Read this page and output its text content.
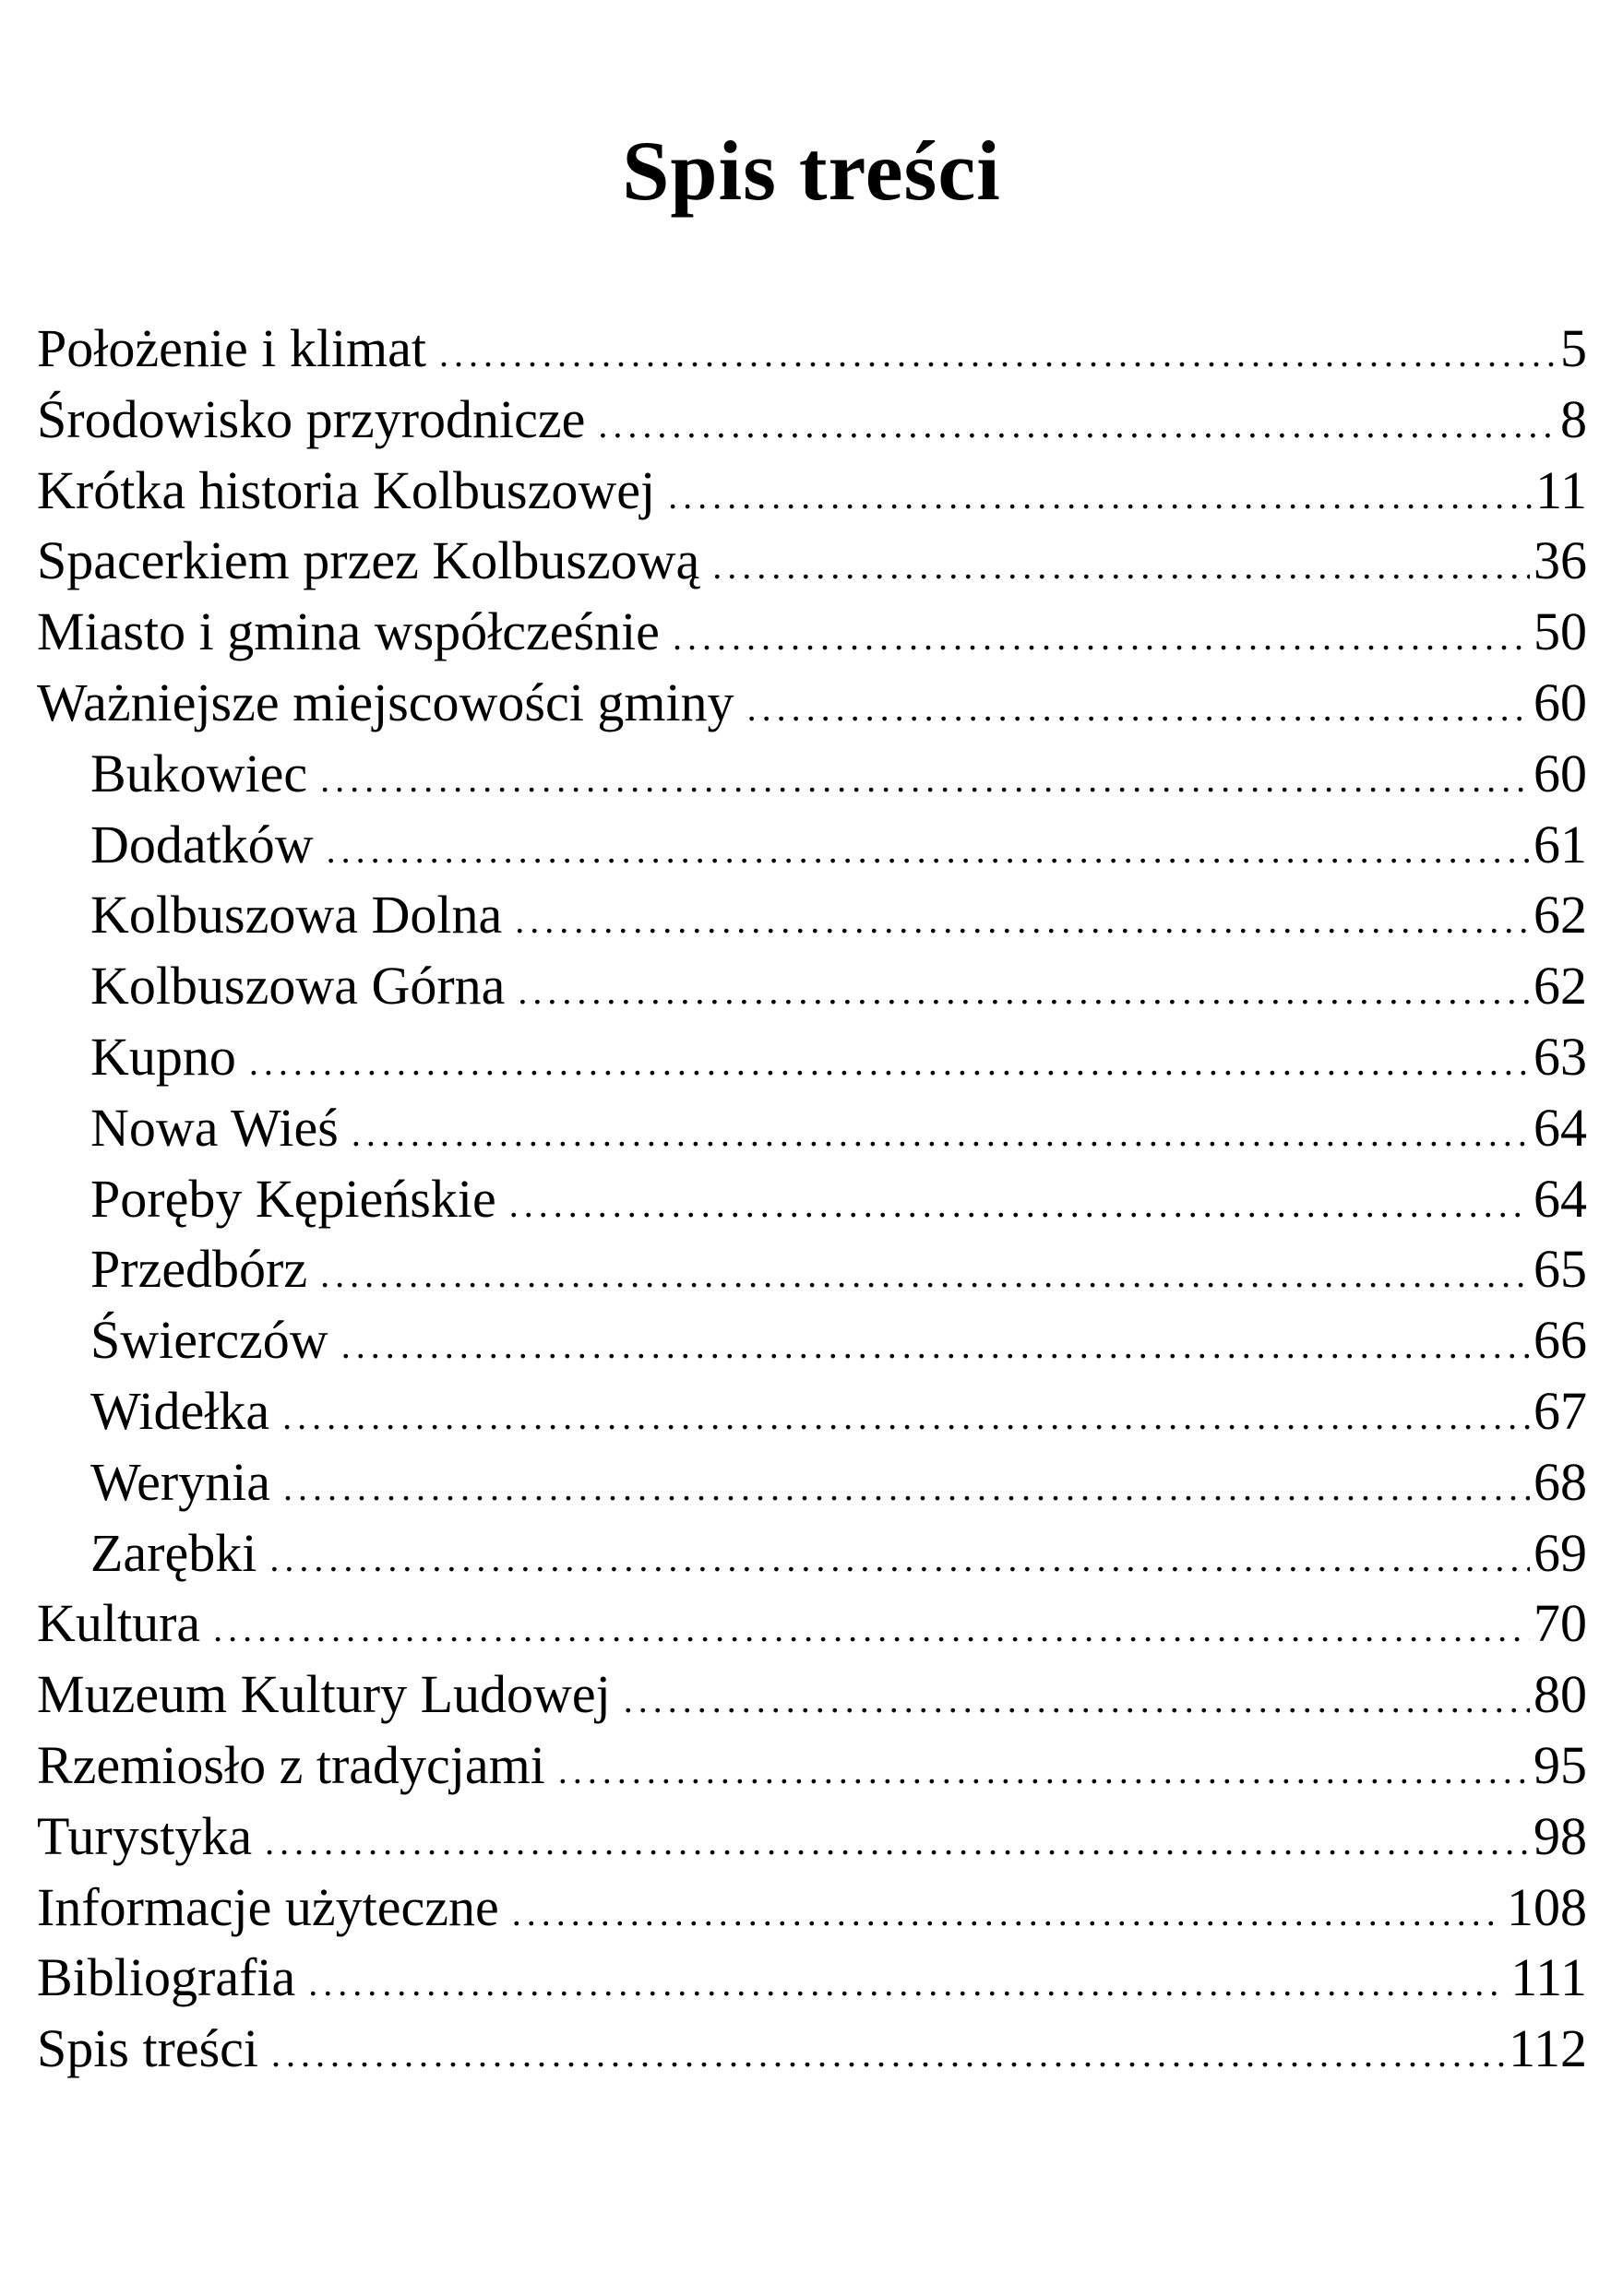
Spis treści
Położenie i klimat .....	5
Środowisko przyrodnicze .....	8
Krótka historia Kolbuszowej .....	11
Spacerkiem przez Kolbuszową .....	36
Miasto i gmina współcześnie .....	50
Ważniejsze miejscowości gminy .....	60
Bukowiec .....	60
Dodatków .....	61
Kolbuszowa Dolna .....	62
Kolbuszowa Górna .....	62
Kupno .....	63
Nowa Wieś .....	64
Poręby Kępieńskie .....	64
Przedbórz .....	65
Świerczów .....	66
Widełka .....	67
Werynia .....	68
Zarębki .....	69
Kultura .....	70
Muzeum Kultury Ludowej .....	80
Rzemiosło z tradycjami .....	95
Turystyka .....	98
Informacje użyteczne .....	108
Bibliografia .....	111
Spis treści .....	112
